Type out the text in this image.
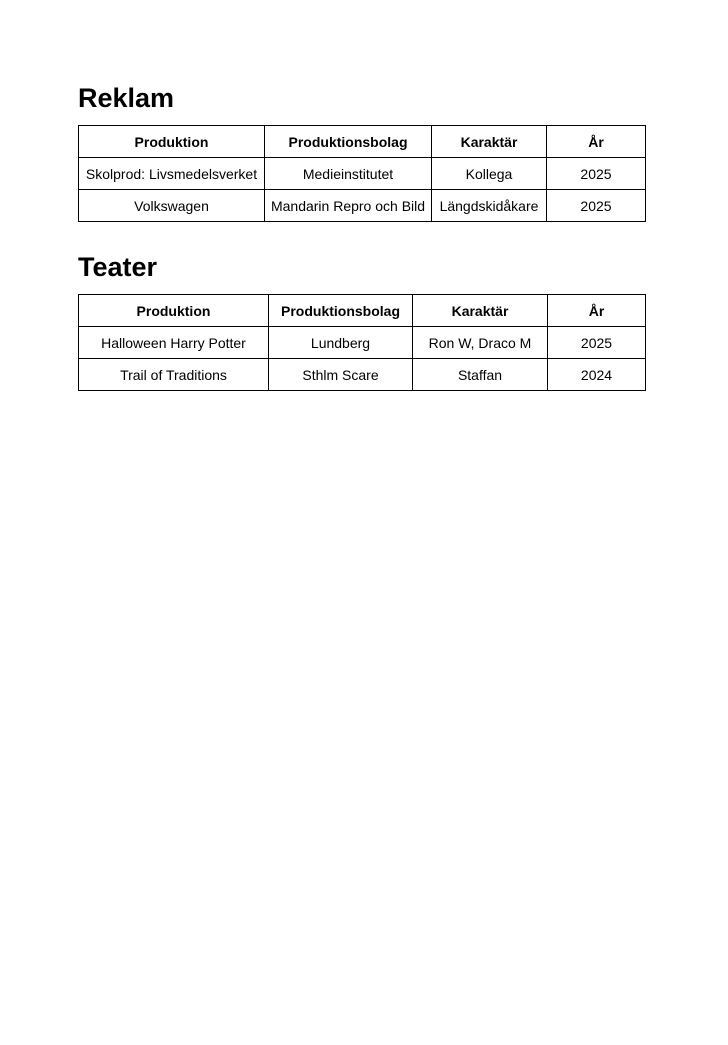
Reklam
Produktion	Produktionsbolag	Karaktär	År
Skolprod: Livsmedelsverket	Medieinstitutet	Kollega	2025
Volkswagen	Mandarin Repro och Bild	Längdskidåkare	2025
Teater
Produktion	Produktionsbolag	Karaktär	År
Halloween Harry Potter	Lundberg	Ron W, Draco M	2025
Trail of Traditions	Sthlm Scare	Staffan	2024
